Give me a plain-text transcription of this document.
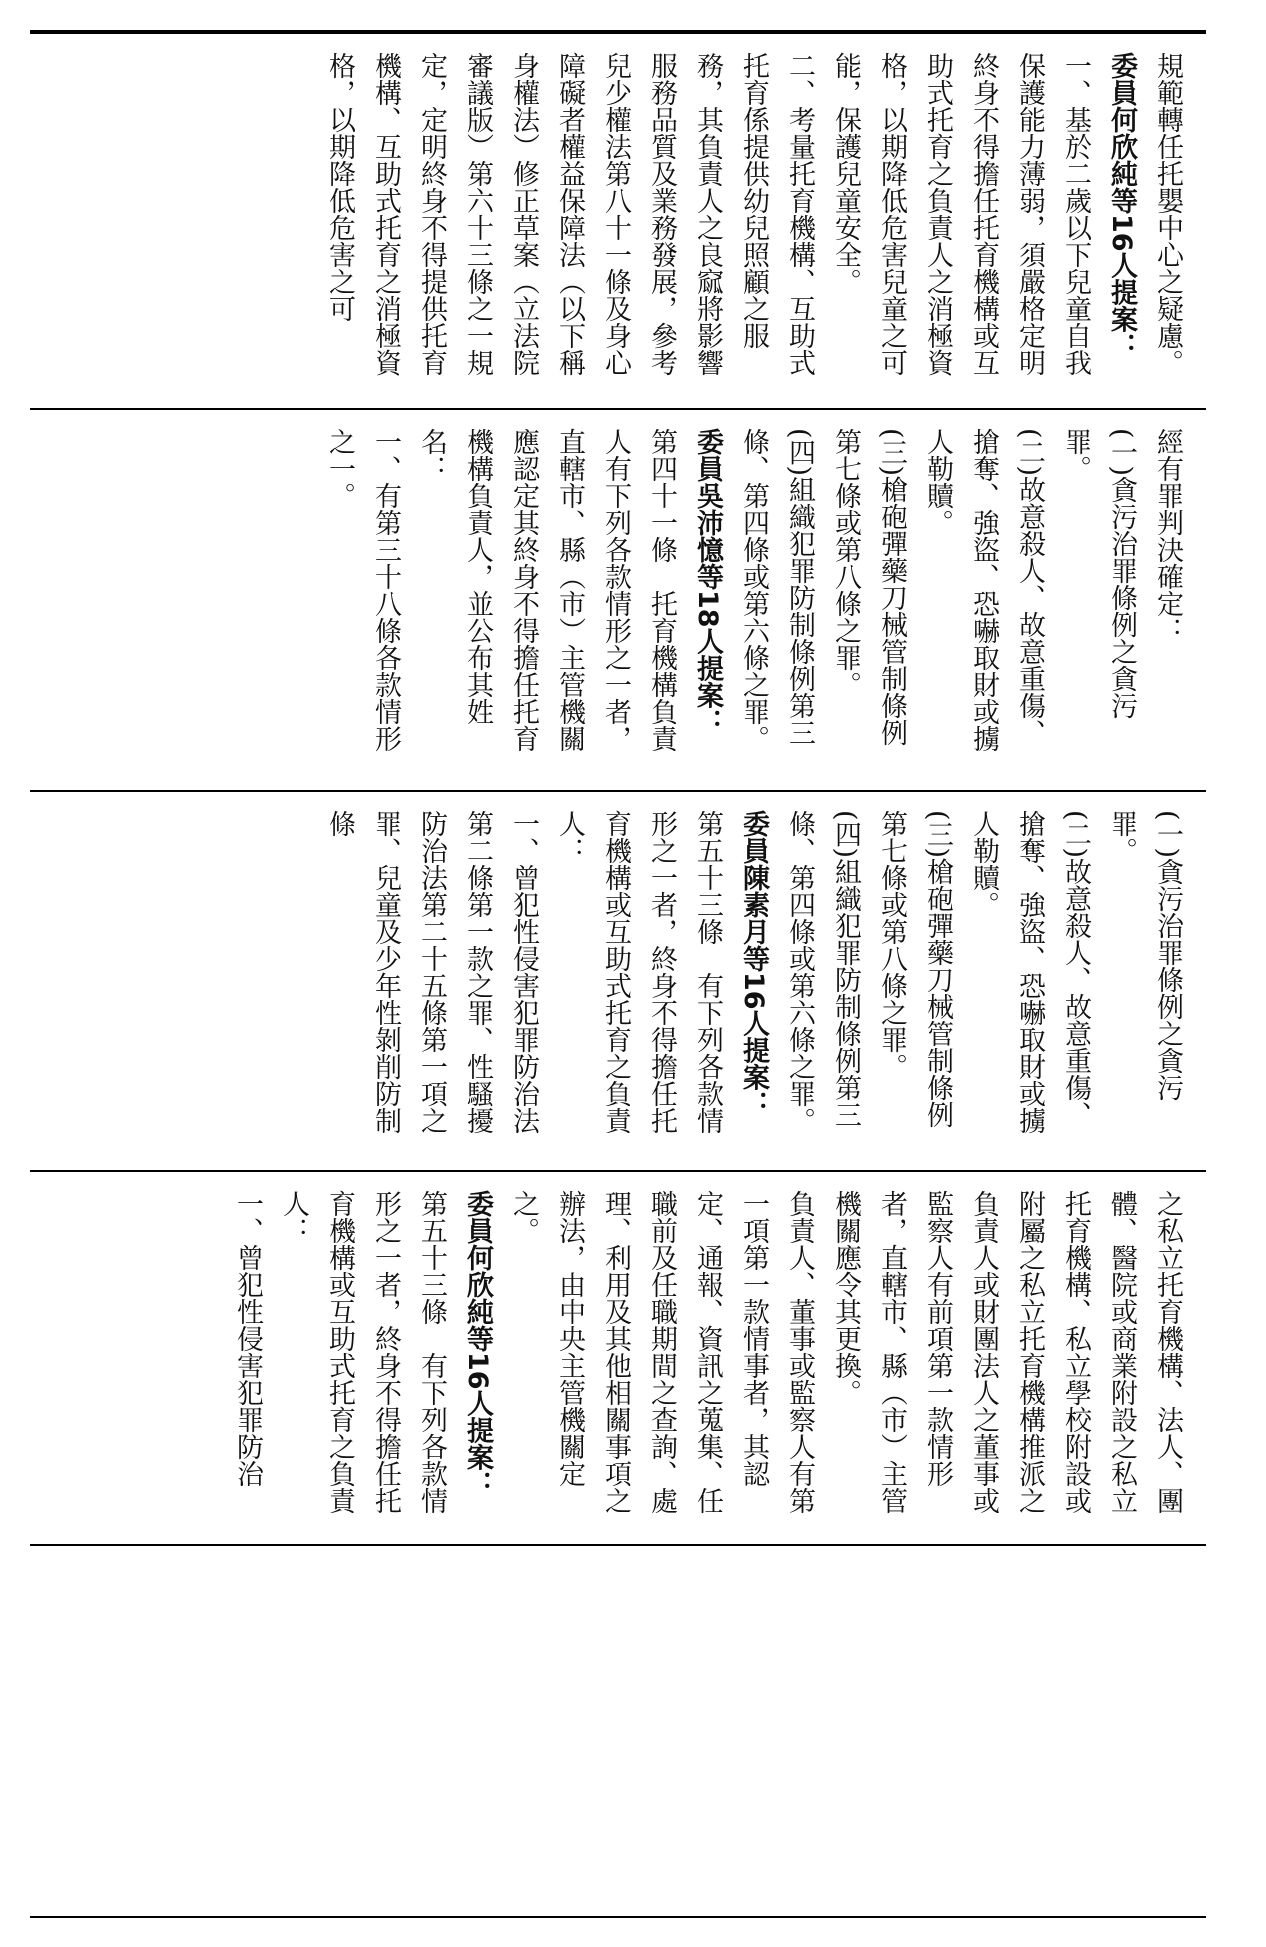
規範轉任托嬰中心之疑慮。

委員何欣純等16人提案：

一、基於二歲以下兒童自我保護能力薄弱，須嚴格定明終身不得擔任托育機構或互助式托育之負責人之消極資格，以期降低危害兒童之可能，保護兒童安全。

二、考量托育機構、互助式托育係提供幼兒照顧之服務，其負責人之良窳將影響服務品質及業務發展，參考兒少權法第八十一條及身心障礙者權益保障法（以下稱身權法）修正草案（立法院審議版）第六十三條之一規定，定明終身不得提供托育機構、互助式托育之消極資格，以期降低危害之可

經有罪判決確定：

(一)貪污治罪條例之貪污罪。

(二)故意殺人、故意重傷、搶奪、強盜、恐嚇取財或擄人勒贖。

(三)槍砲彈藥刀械管制條例第七條或第八條之罪。

(四)組織犯罪防制條例第三條、第四條或第六條之罪。

委員吳沛憶等18人提案：

第四十一條　托育機構負責人有下列各款情形之一者，直轄市、縣（市）主管機關應認定其終身不得擔任托育機構負責人，並公布其姓名：

一、有第三十八條各款情形之一。

(一)貪污治罪條例之貪污罪。

(二)故意殺人、故意重傷、搶奪、強盜、恐嚇取財或擄人勒贖。

(三)槍砲彈藥刀械管制條例第七條或第八條之罪。

(四)組織犯罪防制條例第三條、第四條或第六條之罪。

委員陳素月等16人提案：

第五十三條　有下列各款情形之一者，終身不得擔任托育機構或互助式托育之負責人：

一、曾犯性侵害犯罪防治法第二條第一款之罪、性騷擾防治法第二十五條第一項之罪、兒童及少年性剝削防制條

之私立托育機構、法人、團體、醫院或商業附設之私立托育機構、私立學校附設或附屬之私立托育機構推派之負責人或財團法人之董事或監察人有前項第一款情形者，直轄市、縣（市）主管機關應令其更換。

負責人、董事或監察人有第一項第一款情事者，其認定、通報、資訊之蒐集、任職前及任職期間之查詢、處理、利用及其他相關事項之辦法，由中央主管機關定之。

委員何欣純等16人提案：

第五十三條　有下列各款情形之一者，終身不得擔任托育機構或互助式托育之負責人：

一、曾犯性侵害犯罪防治
